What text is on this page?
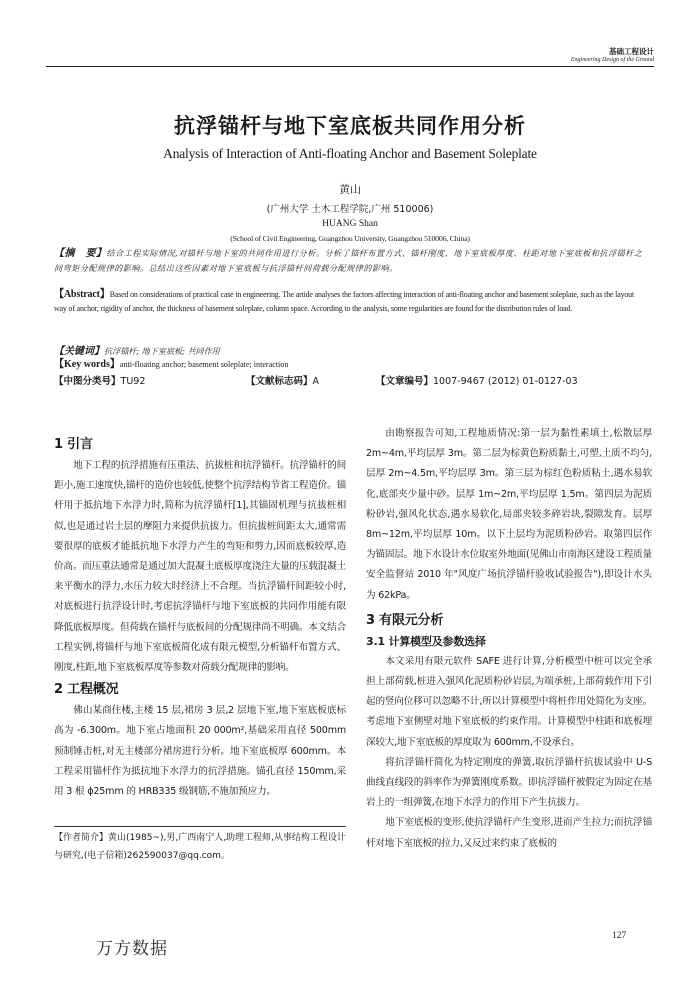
基础工程设计
Engineering Design of the Ground
抗浮锚杆与地下室底板共同作用分析
Analysis of Interaction of Anti-floating Anchor and Basement Soleplate
黄山
(广州大学 土木工程学院,广州 510006)
HUANG Shan
(School of Civil Engineering, Guangzhou University, Guangzhou 510006, China)
【摘　要】结合工程实际情况,对锚杆与地下室的共同作用进行分析。分析了锚杆布置方式、锚杆刚度、地下室底板厚度、柱距对地下室底板和抗浮锚杆之间弯矩分配规律的影响。总结出这些因素对地下室底板与抗浮锚杆间荷载分配规律的影响。
【Abstract】Based on considerations of practical case in engineering. The artide analyses the factors affecting interaction of anti-floating anchor and basement soleplate, such as the layout way of anchor, rigidity of anchor, the thickness of basement soleplate, column space. According to the analysis, some regularities are found for the distribution rules of load.
【关键词】抗浮锚杆; 地下室底板; 共同作用
【Key words】anti-floating anchor; basement soleplate; interaction
【中图分类号】TU92	【文献标志码】A	【文章编号】1007-9467 (2012) 01-0127-03
1 引言

地下工程的抗浮措施有压重法、抗拔桩和抗浮锚杆。抗浮锚杆的间距小,施工速度快,锚杆的造价也较低,使整个抗浮结构节省工程造价。锚杆用于抵抗地下水浮力时,简称为抗浮锚杆[1],其锚固机理与抗拔桩相似,也是通过岩土层的摩阻力来提供抗拔力。但抗拔桩间距太大,通常需要很厚的底板才能抵抗地下水浮力产生的弯矩和剪力,因而底板较厚,造价高。而压重法通常是通过加大混凝土底板厚度浇注大量的压载混凝土来平衡水的浮力,水压力较大时经济上不合理。当抗浮锚杆间距较小时,对底板进行抗浮设计时,考虑抗浮锚杆与地下室底板的共同作用能有限降低底板厚度。但荷载在锚杆与底板间的分配规律尚不明确。本文结合工程实例,将锚杆与地下室底板简化成有限元模型,分析锚杆布置方式、刚度,柱距,地下室底板厚度等参数对荷载分配规律的影响。

2 工程概况

佛山某商住楼,主楼 15 层,裙房 3 层,2 层地下室,地下室底板底标高为 -6.300m。地下室占地面积 20 000m²,基础采用直径 500mm 预制锤击桩,对无主楼部分裙房进行分析。地下室底板厚 600mm。本工程采用锚杆作为抵抗地下水浮力的抗浮措施。锚孔直径 150mm,采用 3 根 ϕ25mm 的 HRB335 级钢筋,不施加预应力。

【作者简介】黄山(1985~),男,广西南宁人,助理工程师,从事结构工程设计与研究,(电子信箱)262590037@qq.com。

由勘察报告可知,工程地质情况:第一层为黏性素填土,松散层厚 2m~4m,平均层厚 3m。第二层为棕黄色粉质黏土,可塑,土质不均匀,层厚 2m~4.5m,平均层厚 3m。第三层为棕红色粉质粘土,遇水易软化,底部夹少量中砂。层厚 1m~2m,平均层厚 1.5m。第四层为泥质粉砂岩,强风化状态,遇水易软化,局部夹较多碎岩块,裂隙发育。层厚 8m~12m,平均层厚 10m。以下土层均为泥质粉砂岩。取第四层作为锚固层。地下水设计水位取室外地面(见佛山市南海区建设工程质量安全监督站 2010 年"风度广场抗浮锚杆验收试验报告"),即设计水头为 62kPa。

3 有限元分析
3.1 计算模型及参数选择

本文采用有限元软件 SAFE 进行计算,分析模型中桩可以完全承担上部荷载,桩进入强风化泥质粉砂岩层,为端承桩,上部荷载作用下引起的竖向位移可以忽略不计,所以计算模型中将桩作用处简化为支座。考虑地下室侧壁对地下室底板的约束作用。计算模型中柱距和底板埋深较大,地下室底板的厚度取为 600mm,不设承台。

将抗浮锚杆简化为特定刚度的弹簧,取抗浮锚杆抗拔试验中 U-S 曲线直线段的斜率作为弹簧刚度系数。即抗浮锚杆被假定为固定在基岩上的一组弹簧,在地下水浮力的作用下产生抗拔力。

地下室底板的变形,使抗浮锚杆产生变形,进而产生拉力;而抗浮锚杆对地下室底板的拉力,又反过来约束了底板的

万方数据
127
